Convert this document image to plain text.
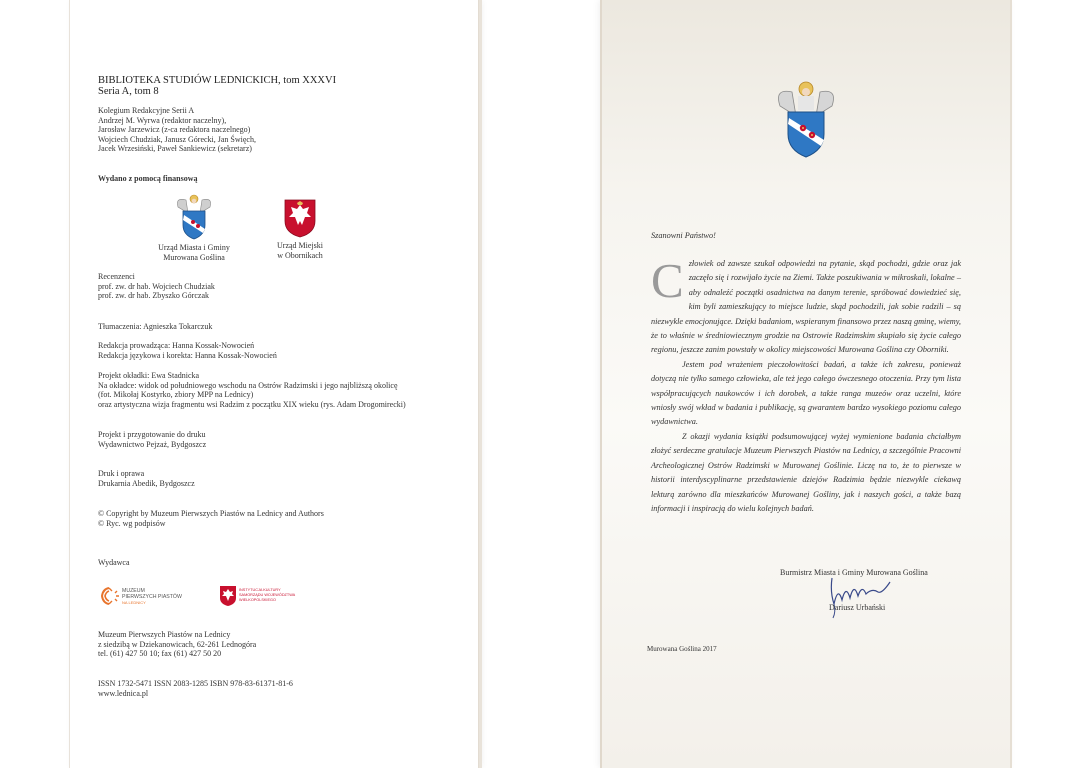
BIBLIOTEKA STUDIÓW LEDNICKICH, tom XXXVI
Seria A, tom 8
Kolegium Redakcyjne Serii A
Andrzej M. Wyrwa (redaktor naczelny),
Jarosław Jarzewicz (z-ca redaktora naczelnego)
Wojciech Chudziak, Janusz Górecki, Jan Święch,
Jacek Wrzesiński, Paweł Sankiewicz (sekretarz)
Wydano z pomocą finansową
Urząd Miasta i Gminy
Murowana Goślina
Urząd Miejski
w Obornikach
Recenzenci
prof. zw. dr hab. Wojciech Chudziak
prof. zw. dr hab. Zbyszko Górczak
Tłumaczenia: Agnieszka Tokarczuk
Redakcja prowadząca: Hanna Kossak-Nowocień
Redakcja językowa i korekta: Hanna Kossak-Nowocień
Projekt okładki: Ewa Stadnicka
Na okładce: widok od południowego wschodu na Ostrów Radzimski i jego najbliższą okolicę
(fot. Mikołaj Kostyrko, zbiory MPP na Lednicy)
oraz artystyczna wizja fragmentu wsi Radzim z początku XIX wieku (rys. Adam Drogomirecki)
Projekt i przygotowanie do druku
Wydawnictwo Pejzaż, Bydgoszcz
Druk i oprawa
Drukarnia Abedik, Bydgoszcz
© Copyright by Muzeum Pierwszych Piastów na Lednicy and Authors
© Ryc. wg podpisów
Wydawca
MUZEUM
PIERWSZYCH PIASTÓW
NA LEDNICY
INSTYTUCJA KULTURY
SAMORZĄDU WOJEWÓDZTWA
WIELKOPOLSKIEGO
Muzeum Pierwszych Piastów na Lednicy
z siedzibą w Dziekanowicach, 62-261 Lednogóra
tel. (61) 427 50 10; fax (61) 427 50 20
ISSN 1732-5471 ISSN 2083-1285 ISBN 978-83-61371-81-6
www.lednica.pl
Szanowni Państwo!
Człowiek od zawsze szukał odpowiedzi na pytanie, skąd pochodzi, gdzie oraz jak zaczęło się i rozwijało życie na Ziemi. Także poszukiwania w mikroskali, lokalne – aby odnaleźć początki osadnictwa na danym terenie, spróbować dowiedzieć się, kim byli zamieszkujący to miejsce ludzie, skąd pochodzili, jak sobie radzili – są niezwykle emocjonujące. Dzięki badaniom, wspieranym finansowo przez naszą gminę, wiemy, że to właśnie w średniowiecznym grodzie na Ostrowie Radzimskim skupiało się życie całego regionu, jeszcze zanim powstały w okolicy miejscowości Murowana Goślina czy Oborniki.
Jestem pod wrażeniem pieczołowitości badań, a także ich zakresu, ponieważ dotyczą nie tylko samego człowieka, ale też jego całego ówczesnego otoczenia. Przy tym lista współpracujących naukowców i ich dorobek, a także ranga muzeów oraz uczelni, które wniosły swój wkład w badania i publikację, są gwarantem bardzo wysokiego poziomu całego wydawnictwa.
Z okazji wydania książki podsumowującej wyżej wymienione badania chciałbym złożyć serdeczne gratulacje Muzeum Pierwszych Piastów na Lednicy, a szczególnie Pracowni Archeologicznej Ostrów Radzimski w Murowanej Goślinie. Liczę na to, że to pierwsze w historii interdyscyplinarne przedstawienie dziejów Radzimia będzie niezwykle ciekawą lekturą zarówno dla mieszkańców Murowanej Gośliny, jak i naszych gości, a także bazą informacji i inspiracją do wielu kolejnych badań.
Burmistrz Miasta i Gminy Murowana Goślina
Dariusz Urbański
Murowana Goślina 2017
